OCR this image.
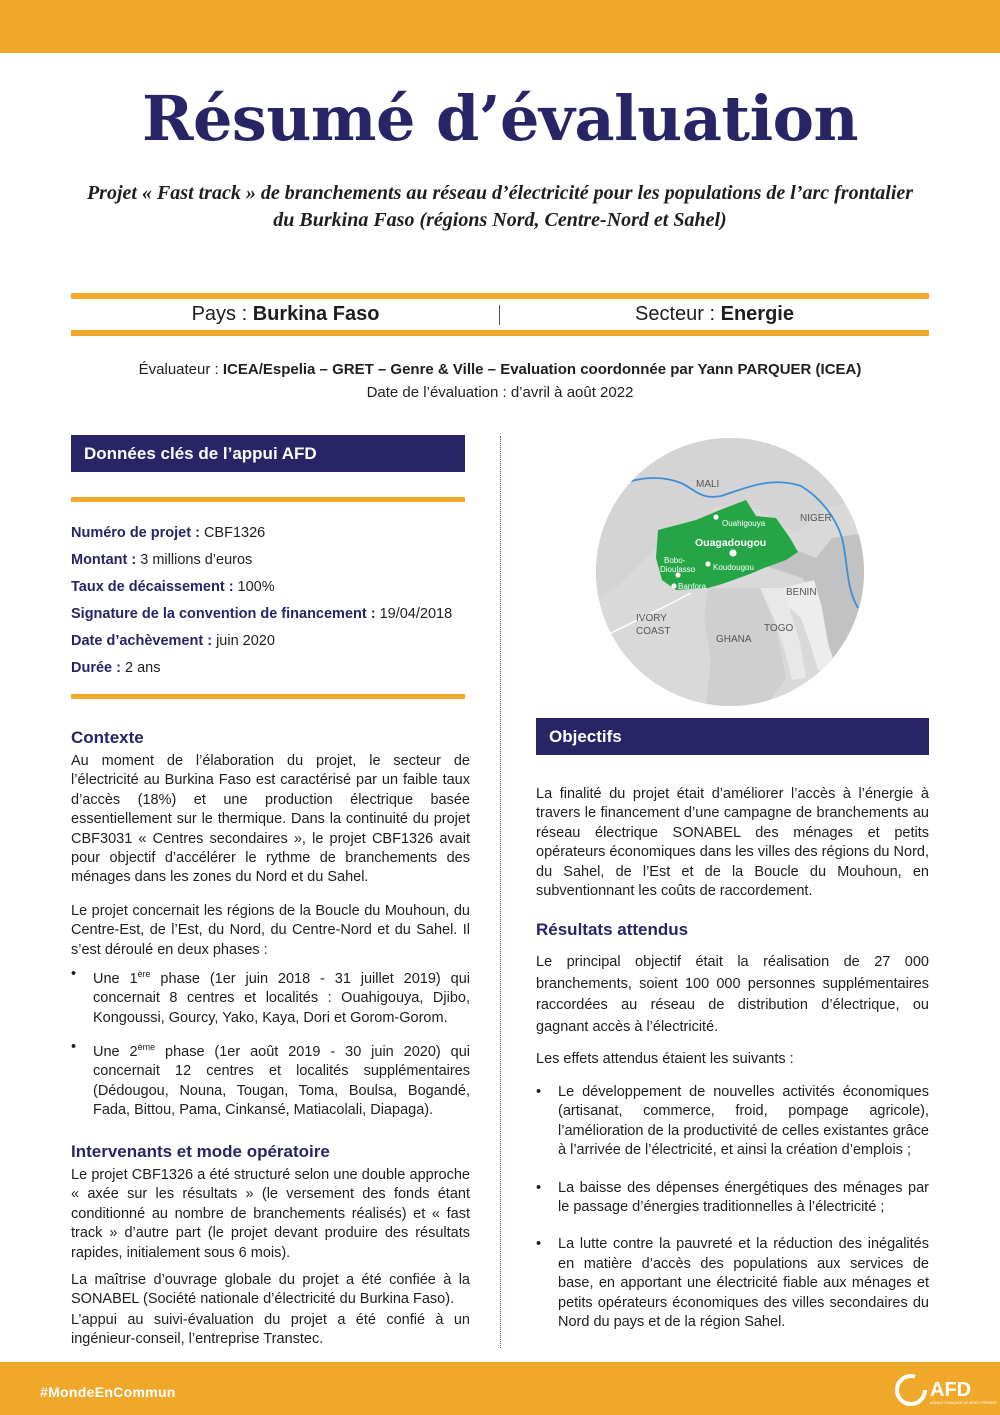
Résumé d’évaluation
Projet « Fast track » de branchements au réseau d’électricité pour les populations de l’arc frontalier
du Burkina Faso (régions Nord, Centre-Nord et Sahel)
Pays : Burkina Faso	Secteur : Energie
Évaluateur : ICEA/Espelia – GRET – Genre & Ville – Evaluation coordonnée par Yann PARQUER (ICEA)
Date de l’évaluation : d’avril à août 2022
Données clés de l’appui AFD
Numéro de projet : CBF1326
Montant : 3 millions d’euros
Taux de décaissement : 100%
Signature de la convention de financement : 19/04/2018
Date d’achèvement : juin 2020
Durée : 2 ans
MALI
NIGER
BENIN
TOGO
GHANA
IVORY
COAST
Ouagadougou
Ouahigouya
Koudougou
Bobo-
Dioulasso
Banfora
Contexte

Au moment de l’élaboration du projet, le secteur de l’électricité au Burkina Faso est caractérisé par un faible taux d’accès (18%) et une production électrique basée essentiellement sur le thermique. Dans la continuité du projet CBF3031 « Centres secondaires », le projet CBF1326 avait pour objectif d’accélérer le rythme de branchements des ménages dans les zones du Nord et du Sahel.

Le projet concernait les régions de la Boucle du Mouhoun, du Centre-Est, de l’Est, du Nord, du Centre-Nord et du Sahel. Il s’est déroulé en deux phases :

• Une 1ère phase (1er juin 2018 - 31 juillet 2019) qui concernait 8 centres et localités : Ouahigouya, Djibo, Kongoussi, Gourcy, Yako, Kaya, Dori et Gorom-Gorom.
• Une 2ème phase (1er août 2019 - 30 juin 2020) qui concernait 12 centres et localités supplémentaires (Dédougou, Nouna, Tougan, Toma, Boulsa, Bogandé, Fada, Bittou, Pama, Cinkansé, Matiacolali, Diapaga).
Intervenants et mode opératoire

Le projet CBF1326 a été structuré selon une double approche « axée sur les résultats » (le versement des fonds étant conditionné au nombre de branchements réalisés) et « fast track » d’autre part (le projet devant produire des résultats rapides, initialement sous 6 mois).

La maîtrise d’ouvrage globale du projet a été confiée à la SONABEL (Société nationale d’électricité du Burkina Faso).

L’appui au suivi-évaluation du projet a été confié à un ingénieur-conseil, l’entreprise Transtec.

Objectifs

La finalité du projet était d’améliorer l’accès à l’énergie à travers le financement d’une campagne de branchements au réseau électrique SONABEL des ménages et petits opérateurs économiques dans les villes des régions du Nord, du Sahel, de l’Est et de la Boucle du Mouhoun, en subventionnant les coûts de raccordement.

Résultats attendus

Le principal objectif était la réalisation de 27 000 branchements, soient 100 000 personnes supplémentaires raccordées au réseau de distribution d’électrique, ou gagnant accès à l’électricité.

Les effets attendus étaient les suivants :

• Le développement de nouvelles activités économiques (artisanat, commerce, froid, pompage agricole), l’amélioration de la productivité de celles existantes grâce à l’arrivée de l’électricité, et ainsi la création d’emplois ;
• La baisse des dépenses énergétiques des ménages par le passage d’énergies traditionnelles à l’électricité ;
• La lutte contre la pauvreté et la réduction des inégalités en matière d’accès des populations aux services de base, en apportant une électricité fiable aux ménages et petits opérateurs économiques des villes secondaires du Nord du pays et de la région Sahel.
#MondeEnCommun	AFD
AGENCE FRANÇAISE DE DÉVELOPPEMENT
